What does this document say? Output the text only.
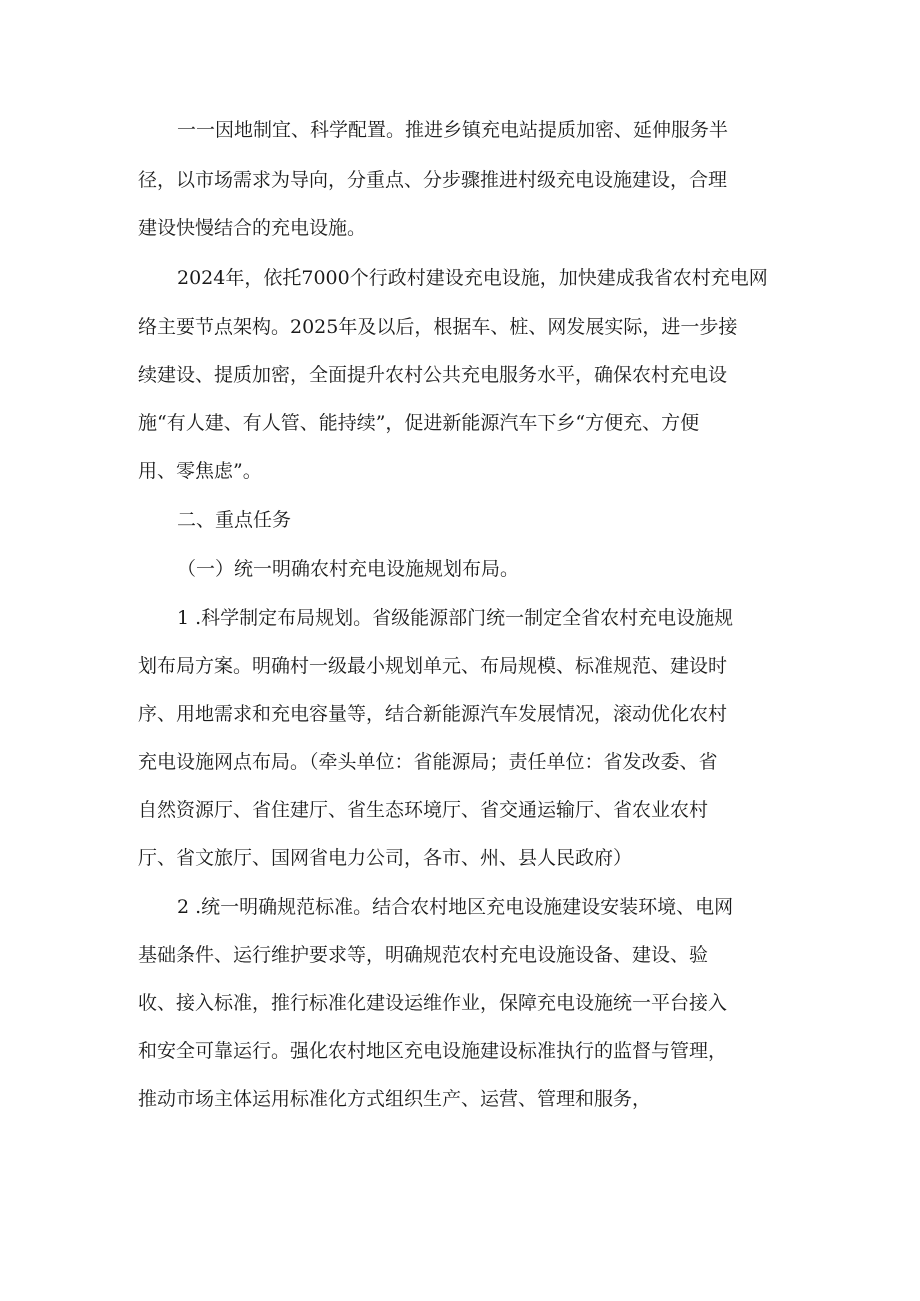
一一因地制宜、科学配置。推进乡镇充电站提质加密、延伸服务半
径，以市场需求为导向，分重点、分步骤推进村级充电设施建设，合理
建设快慢结合的充电设施。
2024年，依托7000个行政村建设充电设施，加快建成我省农村充电网
络主要节点架构。2025年及以后，根据车、桩、网发展实际，进一步接
续建设、提质加密，全面提升农村公共充电服务水平，确保农村充电设
施“有人建、有人管、能持续”，促进新能源汽车下乡“方便充、方便
用、零焦虑”。
二、重点任务
（一）统一明确农村充电设施规划布局。
1 .科学制定布局规划。省级能源部门统一制定全省农村充电设施规
划布局方案。明确村一级最小规划单元、布局规模、标准规范、建设时
序、用地需求和充电容量等，结合新能源汽车发展情况，滚动优化农村
充电设施网点布局。（牵头单位：省能源局；责任单位：省发改委、省
自然资源厅、省住建厅、省生态环境厅、省交通运输厅、省农业农村
厅、省文旅厅、国网省电力公司，各市、州、县人民政府）
2 .统一明确规范标准。结合农村地区充电设施建设安装环境、电网
基础条件、运行维护要求等，明确规范农村充电设施设备、建设、验
收、接入标准，推行标准化建设运维作业，保障充电设施统一平台接入
和安全可靠运行。强化农村地区充电设施建设标准执行的监督与管理，
推动市场主体运用标准化方式组织生产、运营、管理和服务，
